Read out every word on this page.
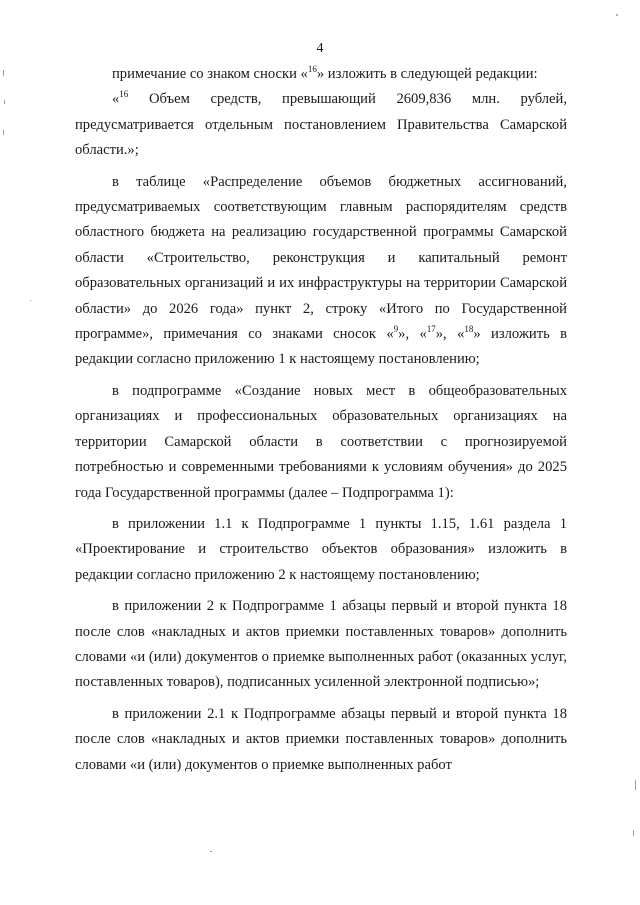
4

примечание со знаком сноски «$^{16}$» изложить в следующей редакции:

«$^{16}$ Объем средств, превышающий 2609,836 млн. рублей, предусматривается отдельным постановлением Правительства Самарской области.»;

в таблице «Распределение объемов бюджетных ассигнований, предусматриваемых соответствующим главным распорядителям средств областного бюджета на реализацию государственной программы Самарской области «Строительство, реконструкция и капитальный ремонт образовательных организаций и их инфраструктуры на территории Самарской области» до 2026 года» пункт 2, строку «Итого по Государственной программе», примечания со знаками сносок «$^9$», «$^{17}$», «$^{18}$» изложить в редакции согласно приложению 1 к настоящему постановлению;

в подпрограмме «Создание новых мест в общеобразовательных организациях и профессиональных образовательных организациях на территории Самарской области в соответствии с прогнозируемой потребностью и современными требованиями к условиям обучения» до 2025 года Государственной программы (далее – Подпрограмма 1):

в приложении 1.1 к Подпрограмме 1 пункты 1.15, 1.61 раздела 1 «Проектирование и строительство объектов образования» изложить в редакции согласно приложению 2 к настоящему постановлению;

в приложении 2 к Подпрограмме 1 абзацы первый и второй пункта 18 после слов «накладных и актов приемки поставленных товаров» дополнить словами «и (или) документов о приемке выполненных работ (оказанных услуг, поставленных товаров), подписанных усиленной электронной подписью»;

в приложении 2.1 к Подпрограмме абзацы первый и второй пункта 18 после слов «накладных и актов приемки поставленных товаров» дополнить словами «и (или) документов о приемке выполненных работ
